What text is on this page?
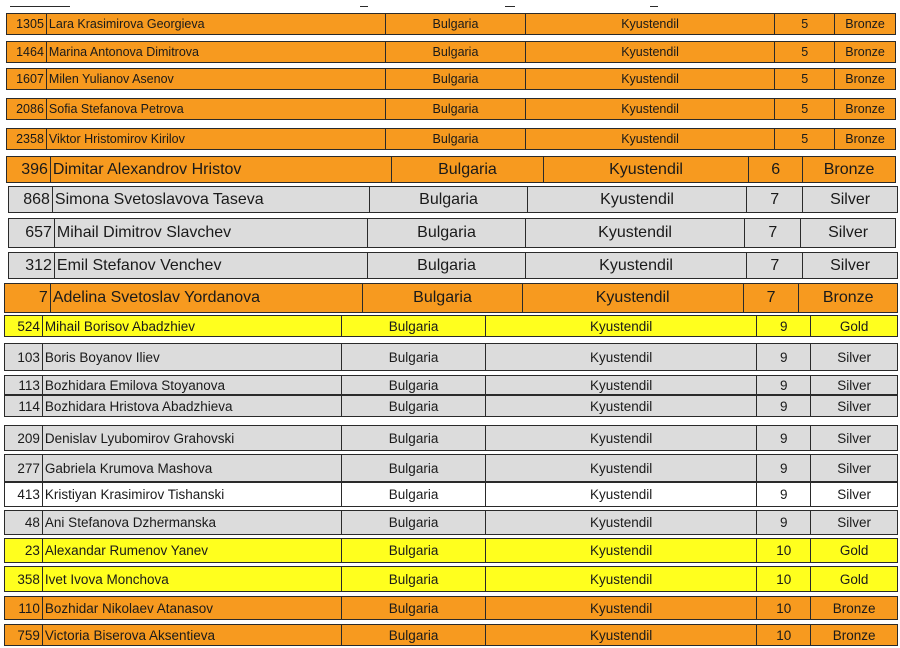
1305 Lara Krasimirova Georgieva	Bulgaria	Kyustendil	5	Bronze
1464 Marina Antonova Dimitrova	Bulgaria	Kyustendil	5	Bronze
1607 Milen Yulianov Asenov	Bulgaria	Kyustendil	5	Bronze
2086 Sofia Stefanova Petrova	Bulgaria	Kyustendil	5	Bronze
2358 Viktor Hristomirov Kirilov	Bulgaria	Kyustendil	5	Bronze
396 Dimitar Alexandrov Hristov	Bulgaria	Kyustendil	6	Bronze
868 Simona Svetoslavova Taseva	Bulgaria	Kyustendil	7	Silver
657 Mihail Dimitrov Slavchev	Bulgaria	Kyustendil	7	Silver
312 Emil Stefanov Venchev	Bulgaria	Kyustendil	7	Silver
7 Adelina Svetoslav Yordanova	Bulgaria	Kyustendil	7	Bronze
524 Mihail Borisov Abadzhiev	Bulgaria	Kyustendil	9	Gold
103 Boris Boyanov Iliev	Bulgaria	Kyustendil	9	Silver
113 Bozhidara Emilova Stoyanova	Bulgaria	Kyustendil	9	Silver
114 Bozhidara Hristova Abadzhieva	Bulgaria	Kyustendil	9	Silver
209 Denislav Lyubomirov Grahovski	Bulgaria	Kyustendil	9	Silver
277 Gabriela Krumova Mashova	Bulgaria	Kyustendil	9	Silver
413 Kristiyan Krasimirov Tishanski	Bulgaria	Kyustendil	9	Silver
48 Ani Stefanova Dzhermanska	Bulgaria	Kyustendil	9	Silver
23 Alexandar Rumenov Yanev	Bulgaria	Kyustendil	10	Gold
358 Ivet Ivova Monchova	Bulgaria	Kyustendil	10	Gold
110 Bozhidar Nikolaev Atanasov	Bulgaria	Kyustendil	10	Bronze
759 Victoria Biserova Aksentieva	Bulgaria	Kyustendil	10	Bronze
